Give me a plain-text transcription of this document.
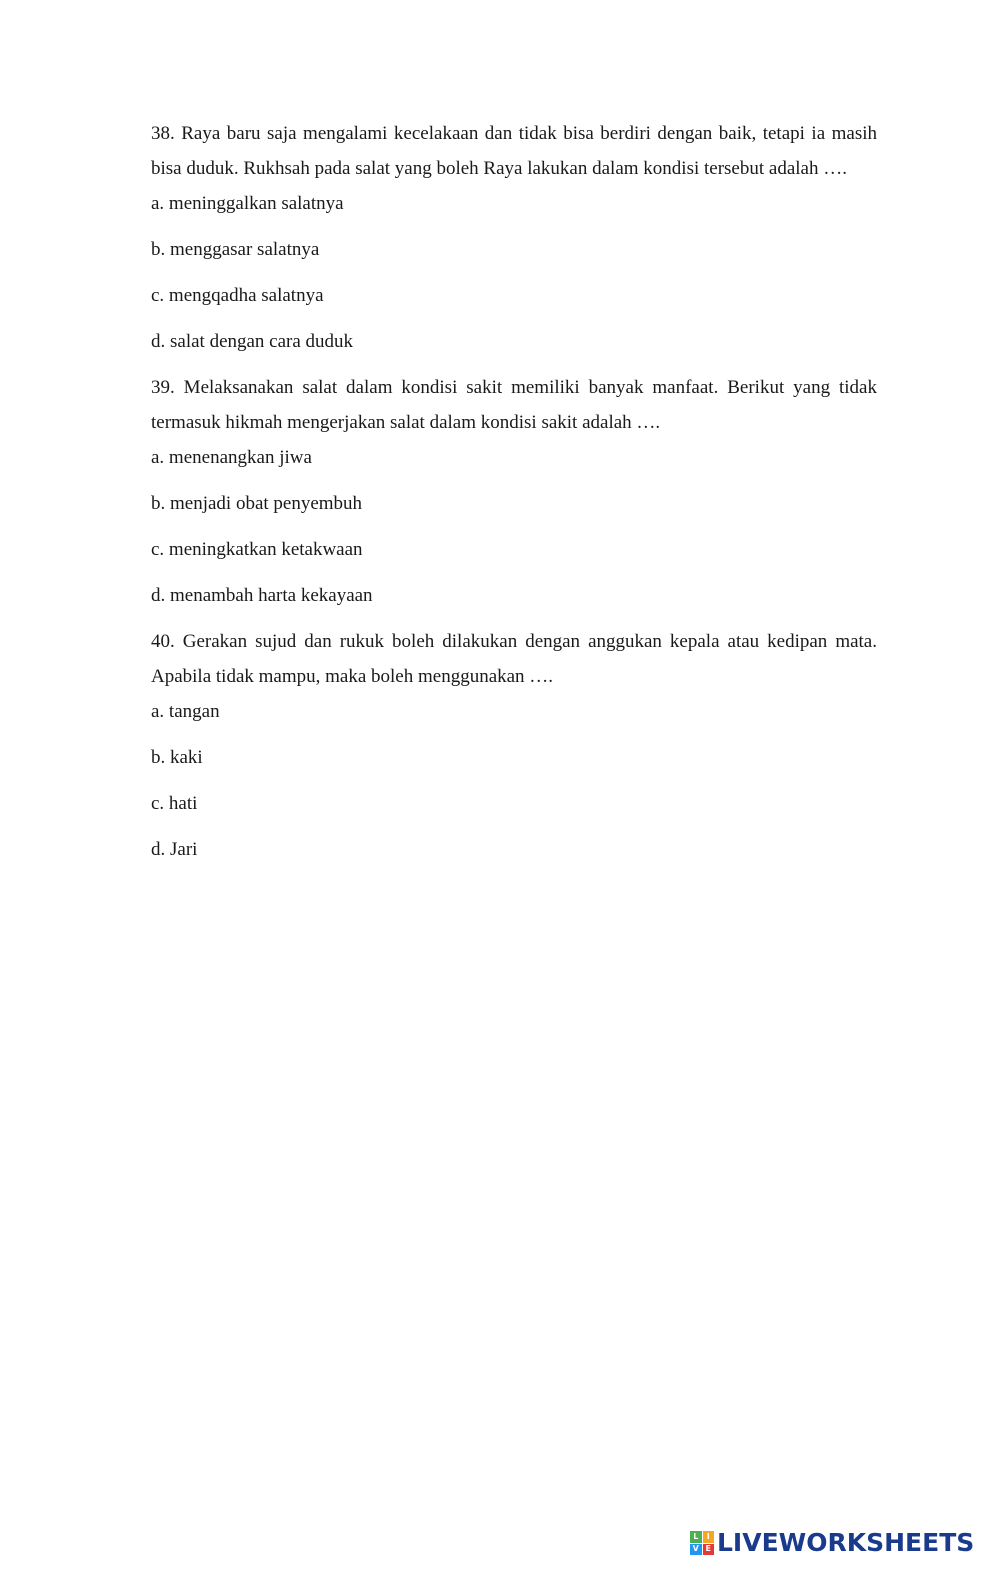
38. Raya baru saja mengalami kecelakaan dan tidak bisa berdiri dengan baik, tetapi ia masih bisa duduk. Rukhsah pada salat yang boleh Raya lakukan dalam kondisi tersebut adalah ….

a. meninggalkan salatnya
b. menggasar salatnya
c. mengqadha salatnya
d. salat dengan cara duduk

39. Melaksanakan salat dalam kondisi sakit memiliki banyak manfaat. Berikut yang tidak termasuk hikmah mengerjakan salat dalam kondisi sakit adalah ….

a. menenangkan jiwa
b. menjadi obat penyembuh
c. meningkatkan ketakwaan
d. menambah harta kekayaan

40. Gerakan sujud dan rukuk boleh dilakukan dengan anggukan kepala atau kedipan mata. Apabila tidak mampu, maka boleh menggunakan ….

a. tangan
b. kaki
c. hati
d. Jari
L	I
V E LIVEWORKSHEETS
